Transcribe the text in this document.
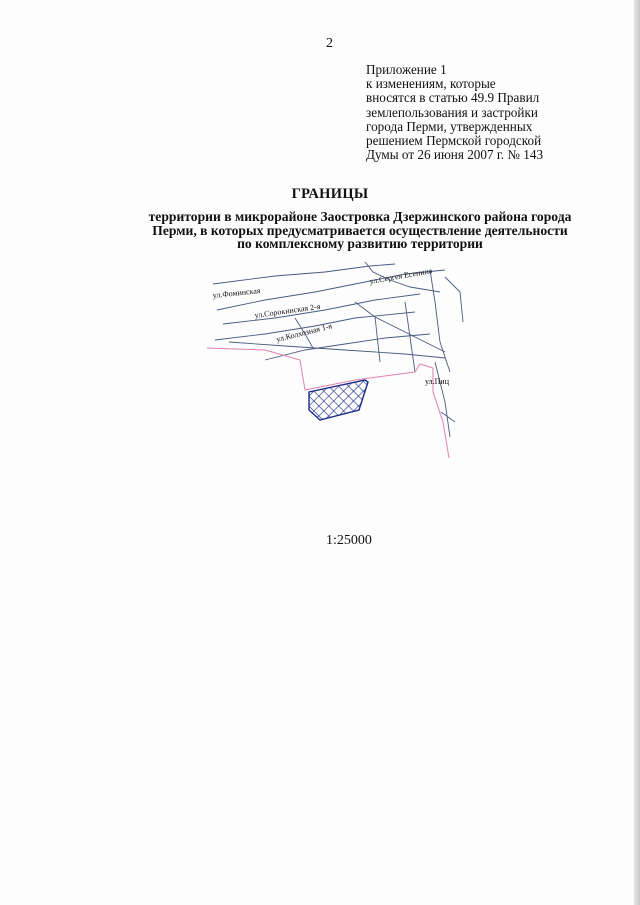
2
Приложение 1
к изменениям, которые
вносятся в статью 49.9 Правил
землепользования и застройки
города Перми, утвержденных
решением Пермской городской
Думы от 26 июня 2007 г. № 143
ГРАНИЦЫ
территории в микрорайоне Заостровка Дзержинского района города
Перми, в которых предусматривается осуществление деятельности
по комплексному развитию территории
ул.Фоминская
ул.Сорокинская 2-я
ул.Колхозная 1-я
ул.Сергея Есенина
ул.Пиц
1:25000
